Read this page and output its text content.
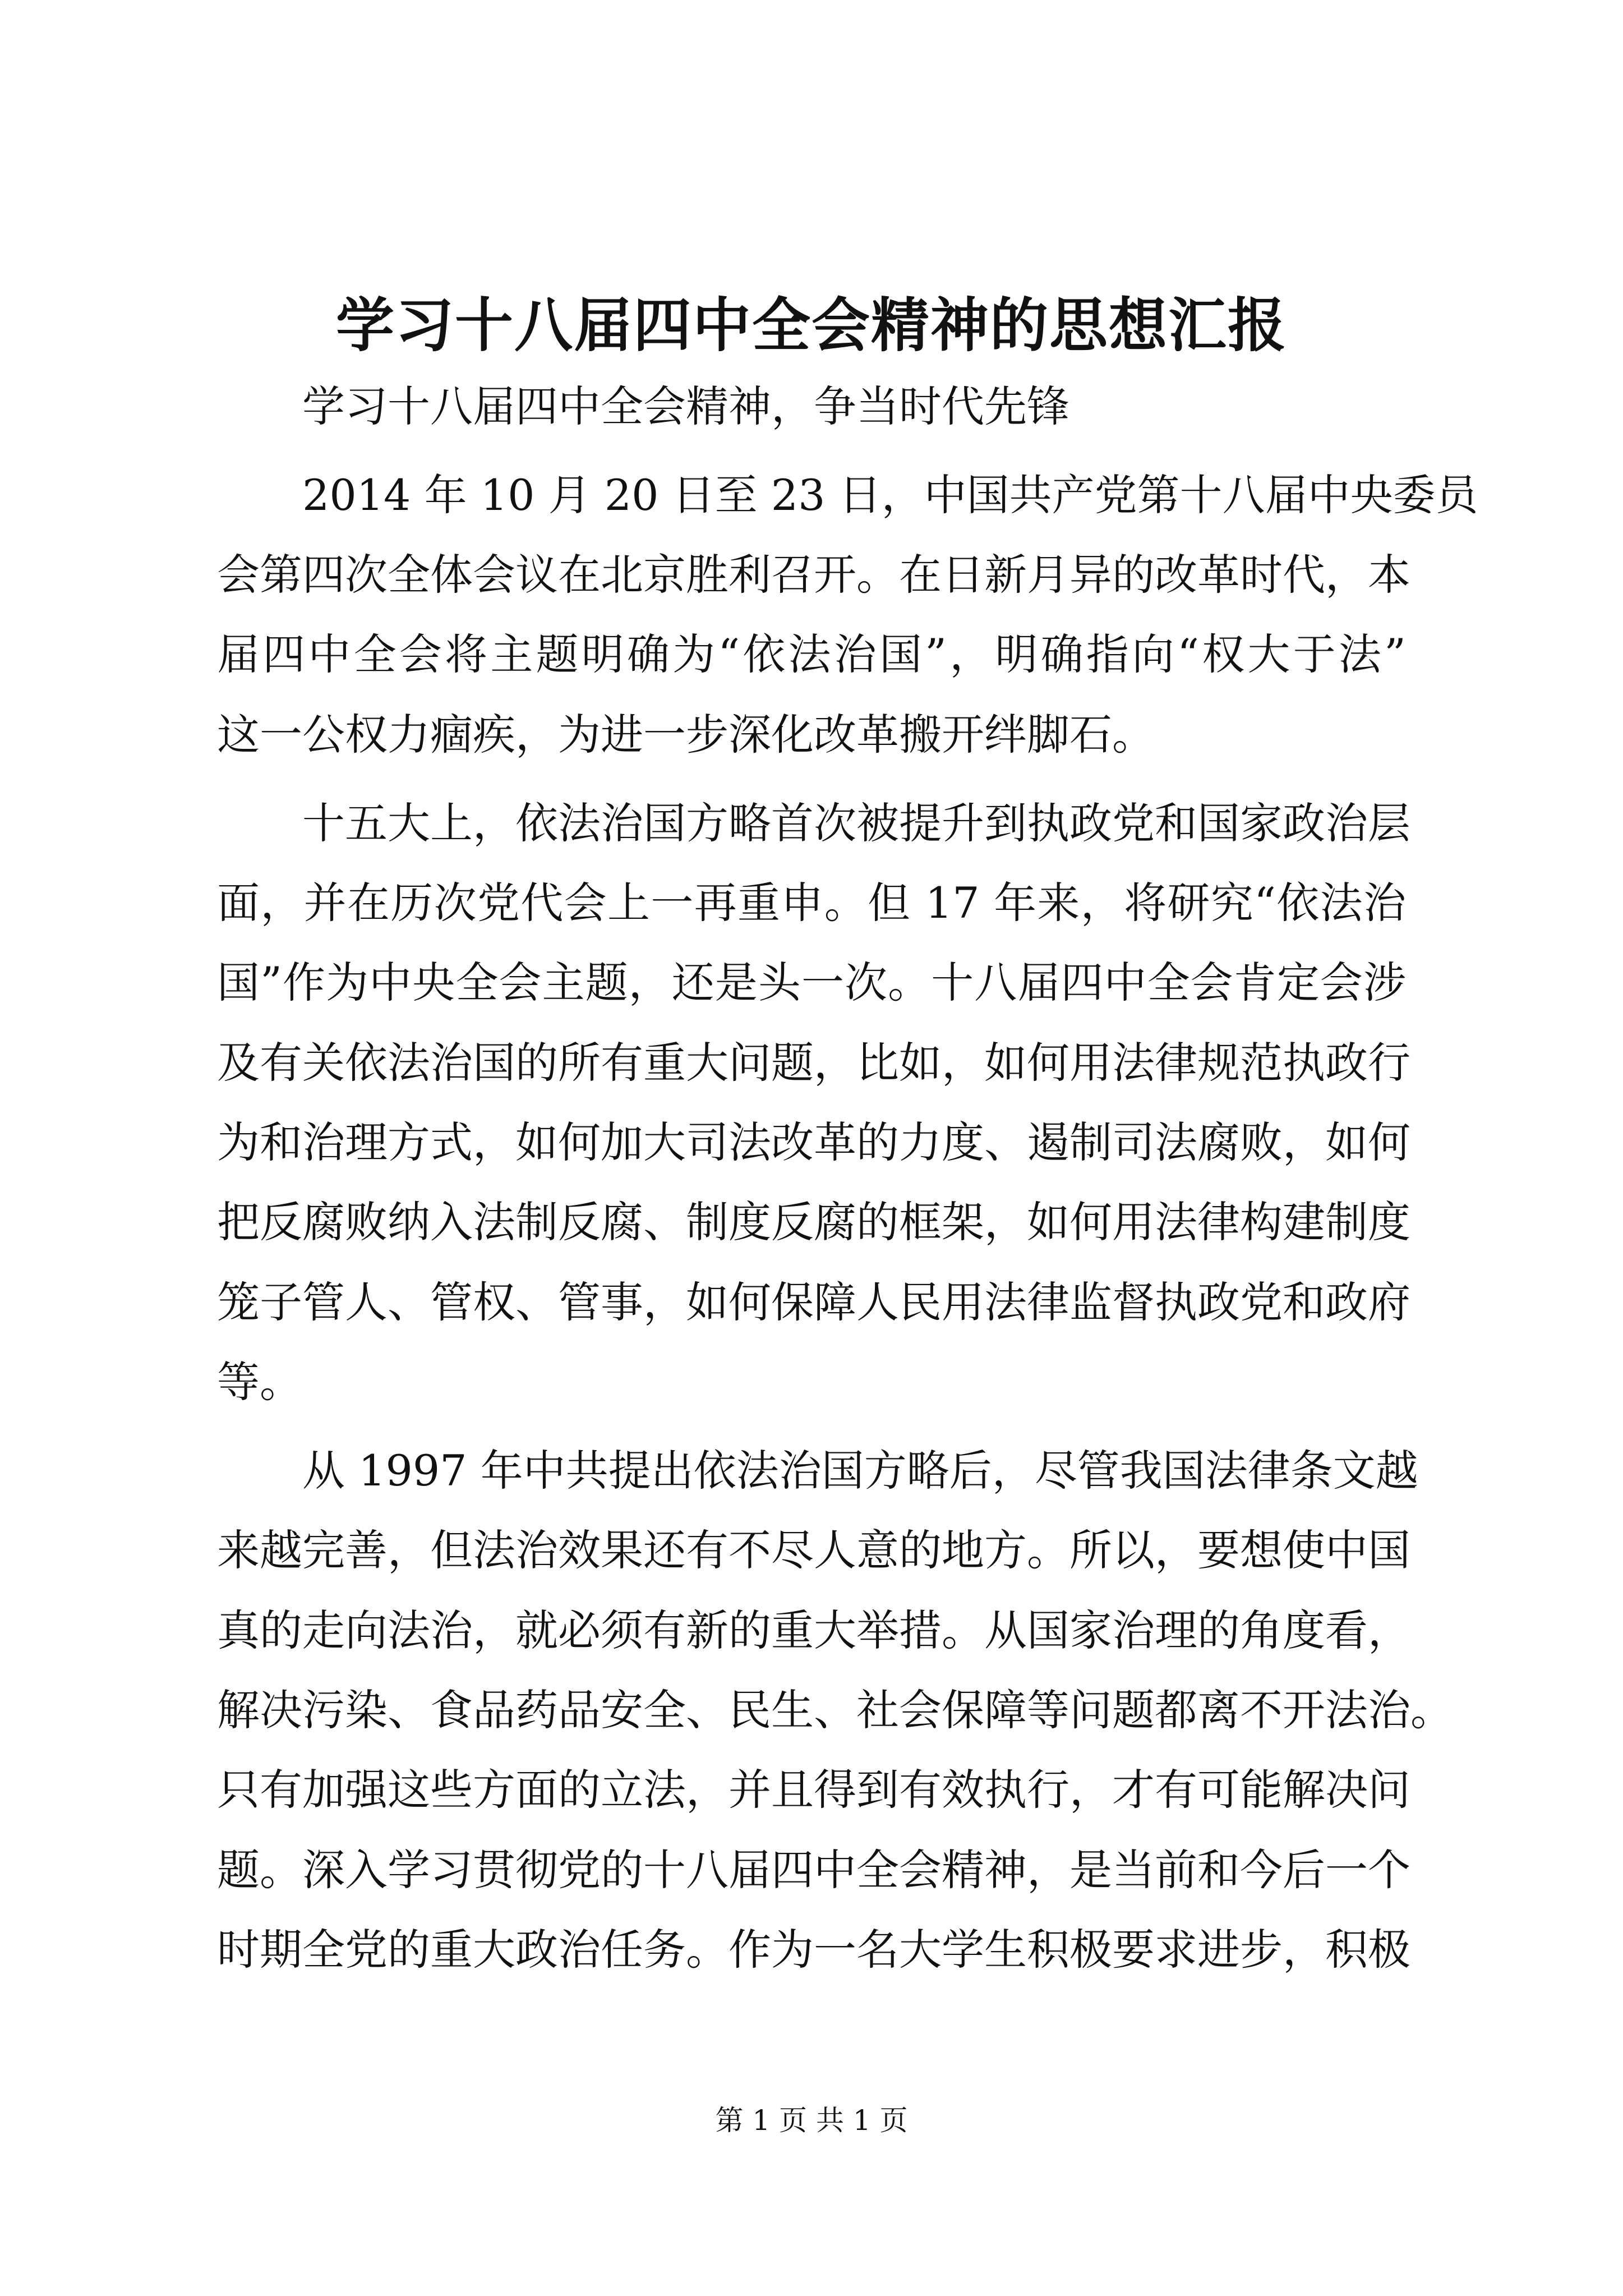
学习十八届四中全会精神的思想汇报
学习十八届四中全会精神，争当时代先锋
2014 年 10 月 20 日至 23 日，中国共产党第十八届中央委员
会第四次全体会议在北京胜利召开。在日新月异的改革时代，本
届四中全会将主题明确为“依法治国”，明确指向“权大于法”
这一公权力痼疾，为进一步深化改革搬开绊脚石。
十五大上，依法治国方略首次被提升到执政党和国家政治层
面，并在历次党代会上一再重申。但 17 年来，将研究“依法治
国”作为中央全会主题，还是头一次。十八届四中全会肯定会涉
及有关依法治国的所有重大问题，比如，如何用法律规范执政行
为和治理方式，如何加大司法改革的力度、遏制司法腐败，如何
把反腐败纳入法制反腐、制度反腐的框架，如何用法律构建制度
笼子管人、管权、管事，如何保障人民用法律监督执政党和政府
等。
从 1997 年中共提出依法治国方略后，尽管我国法律条文越
来越完善，但法治效果还有不尽人意的地方。所以，要想使中国
真的走向法治，就必须有新的重大举措。从国家治理的角度看，
解决污染、食品药品安全、民生、社会保障等问题都离不开法治。
只有加强这些方面的立法，并且得到有效执行，才有可能解决问
题。深入学习贯彻党的十八届四中全会精神，是当前和今后一个
时期全党的重大政治任务。作为一名大学生积极要求进步，积极
第 1 页 共 1 页
